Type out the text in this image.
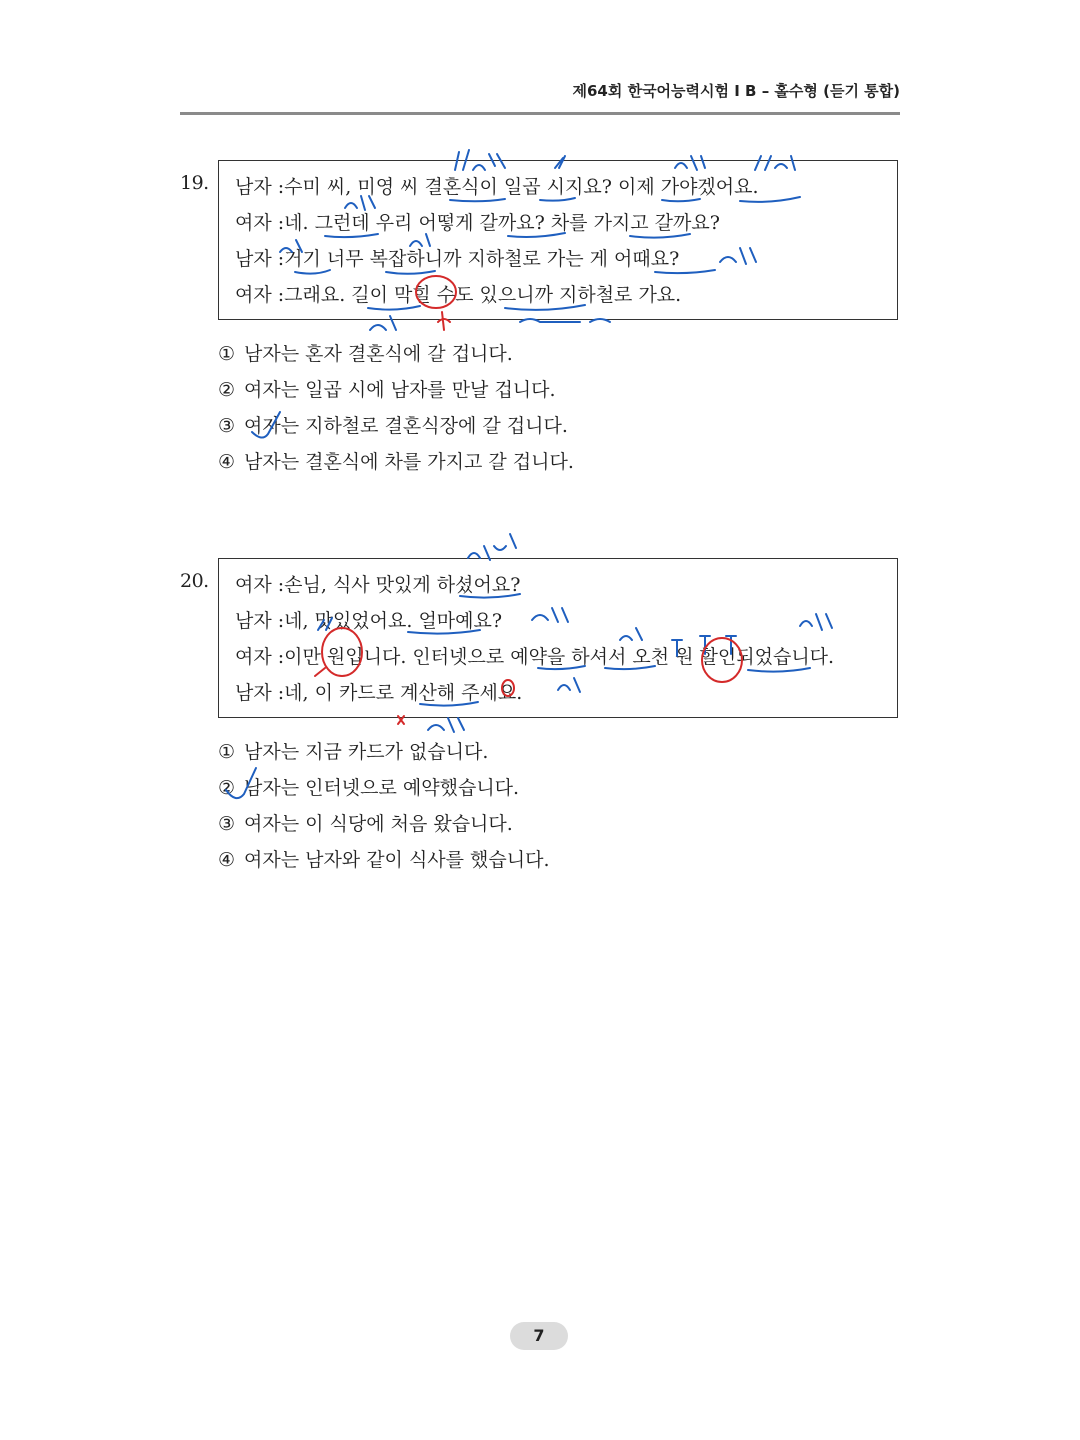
제64회 한국어능력시험 I B – 홀수형 (듣기 통합)
19. 남자 :수미 씨, 미영 씨 결혼식이 일곱 시지요? 이제 가야겠어요.
여자 :네. 그런데 우리 어떻게 갈까요? 차를 가지고 갈까요?
남자 :거기 너무 복잡하니까 지하철로 가는 게 어때요?
여자 :그래요. 길이 막힐 수도 있으니까 지하철로 가요.
① 남자는 혼자 결혼식에 갈 겁니다.
② 여자는 일곱 시에 남자를 만날 겁니다.
③ 여자는 지하철로 결혼식장에 갈 겁니다.
④ 남자는 결혼식에 차를 가지고 갈 겁니다.
20. 여자 :손님, 식사 맛있게 하셨어요?
남자 :네, 맛있었어요. 얼마예요?
여자 :이만 원입니다. 인터넷으로 예약을 하셔서 오천 원 할인되었습니다.
남자 :네, 이 카드로 계산해 주세요.
① 남자는 지금 카드가 없습니다.
② 남자는 인터넷으로 예약했습니다.
③ 여자는 이 식당에 처음 왔습니다.
④ 여자는 남자와 같이 식사를 했습니다.
7
